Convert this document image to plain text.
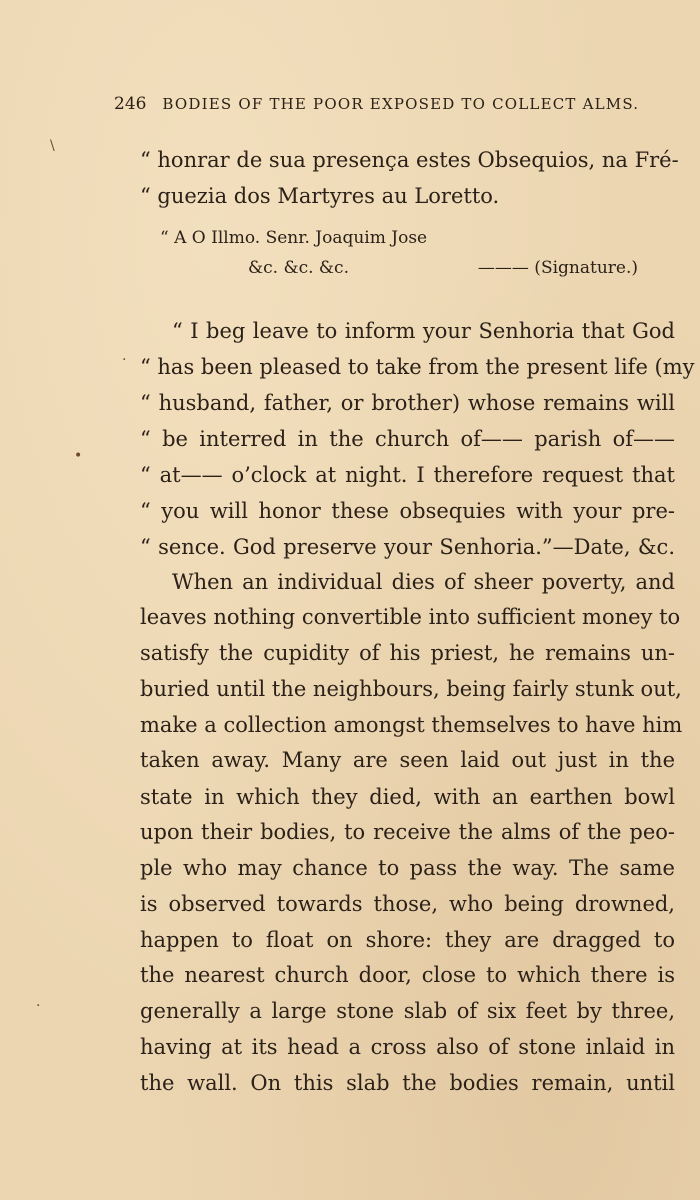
246 BODIES OF THE POOR EXPOSED TO COLLECT ALMS.
“ honrar de sua presença estes Obsequios, na Fré-
“ guezia dos Martyres au Loretto.
“ A O Illmo. Senr. Joaquim Jose
&c. &c. &c.	——— (Signature.)
“ I beg leave to inform your Senhoria that God
“ has been pleased to take from the present life (my
“ husband, father, or brother) whose remains will
“ be interred in the church of—— parish of——
“ at—— o’clock at night. I therefore request that
“ you will honor these obsequies with your pre-
“ sence. God preserve your Senhoria.”—Date, &c.
When an individual dies of sheer poverty, and
leaves nothing convertible into sufficient money to
satisfy the cupidity of his priest, he remains un-
buried until the neighbours, being fairly stunk out,
make a collection amongst themselves to have him
taken away. Many are seen laid out just in the
state in which they died, with an earthen bowl
upon their bodies, to receive the alms of the peo-
ple who may chance to pass the way. The same
is observed towards those, who being drowned,
happen to float on shore: they are dragged to
the nearest church door, close to which there is
generally a large stone slab of six feet by three,
having at its head a cross also of stone inlaid in
the wall. On this slab the bodies remain, until
\
·
•
·
